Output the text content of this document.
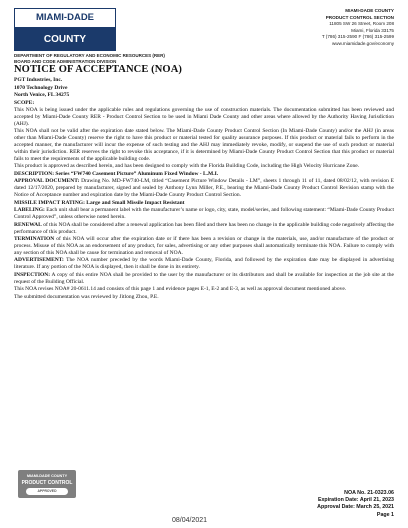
MIAMI-DADE
COUNTY
DEPARTMENT OF REGULATORY AND ECONOMIC RESOURCES (RER)
BOARD AND CODE ADMINISTRATION DIVISION
MIAMI-DADE COUNTY
PRODUCT CONTROL SECTION
11805 SW 26 Street, Room 208
Miami, Florida 33175
T (786) 315-2590 F (786) 315-2599
www.miamidade.gov/economy
NOTICE OF ACCEPTANCE (NOA)

PGT Industries, Inc.

1070 Technology Drive

North Venice, FL 34275

SCOPE:

This NOA is being issued under the applicable rules and regulations governing the use of construction materials. The documentation submitted has been reviewed and accepted by Miami-Dade County RER - Product Control Section to be used in Miami Dade County and other areas where allowed by the Authority Having Jurisdiction (AHJ).

This NOA shall not be valid after the expiration date stated below. The Miami-Dade County Product Control Section (In Miami-Dade County) and/or the AHJ (in areas other than Miami-Dade County) reserve the right to have this product or material tested for quality assurance purposes. If this product or material fails to perform in the accepted manner, the manufacturer will incur the expense of such testing and the AHJ may immediately revoke, modify, or suspend the use of such product or material within their jurisdiction. RER reserves the right to revoke this acceptance, if it is determined by Miami-Dade County Product Control Section that this product or material fails to meet the requirements of the applicable building code.

This product is approved as described herein, and has been designed to comply with the Florida Building Code, including the High Velocity Hurricane Zone.

DESCRIPTION: Series “FW740 Casement Picture” Aluminum Fixed Window - L.M.I.

APPROVAL DOCUMENT: Drawing No. MD-FW740-LM, titled “Casement Picture Window Details - LM”, sheets 1 through 11 of 11, dated 08/02/12, with revision E dated 12/17/2020, prepared by manufacturer, signed and sealed by Anthony Lynn Miller, P.E., bearing the Miami-Dade County Product Control Revision stamp with the Notice of Acceptance number and expiration date by the Miami-Dade County Product Control Section.

MISSILE IMPACT RATING: Large and Small Missile Impact Resistant

LABELING: Each unit shall bear a permanent label with the manufacturer’s name or logo, city, state, model/series, and following statement: “Miami-Dade County Product Control Approved”, unless otherwise noted herein.

RENEWAL of this NOA shall be considered after a renewal application has been filed and there has been no change in the applicable building code negatively affecting the performance of this product.

TERMINATION of this NOA will occur after the expiration date or if there has been a revision or change in the materials, use, and/or manufacture of the product or process. Misuse of this NOA as an endorsement of any product, for sales, advertising or any other purposes shall automatically terminate this NOA. Failure to comply with any section of this NOA shall be cause for termination and removal of NOA.

ADVERTISEMENT: The NOA number preceded by the words Miami-Dade County, Florida, and followed by the expiration date may be displayed in advertising literature. If any portion of the NOA is displayed, then it shall be done in its entirety.

INSPECTION: A copy of this entire NOA shall be provided to the user by the manufacturer or its distributors and shall be available for inspection at the job site at the request of the Building Official.

This NOA revises NOA# 20-0611.14 and consists of this page 1 and evidence pages E-1, E-2 and E-3, as well as approval document mentioned above.

The submitted documentation was reviewed by Jitlong Zhou, P.E.

MIAMI-DADE COUNTY
PRODUCT CONTROL
APPROVED
08/04/2021
NOA No. 21-0323.06
Expiration Date: April 21, 2023
Approval Date: March 25, 2021
Page 1
